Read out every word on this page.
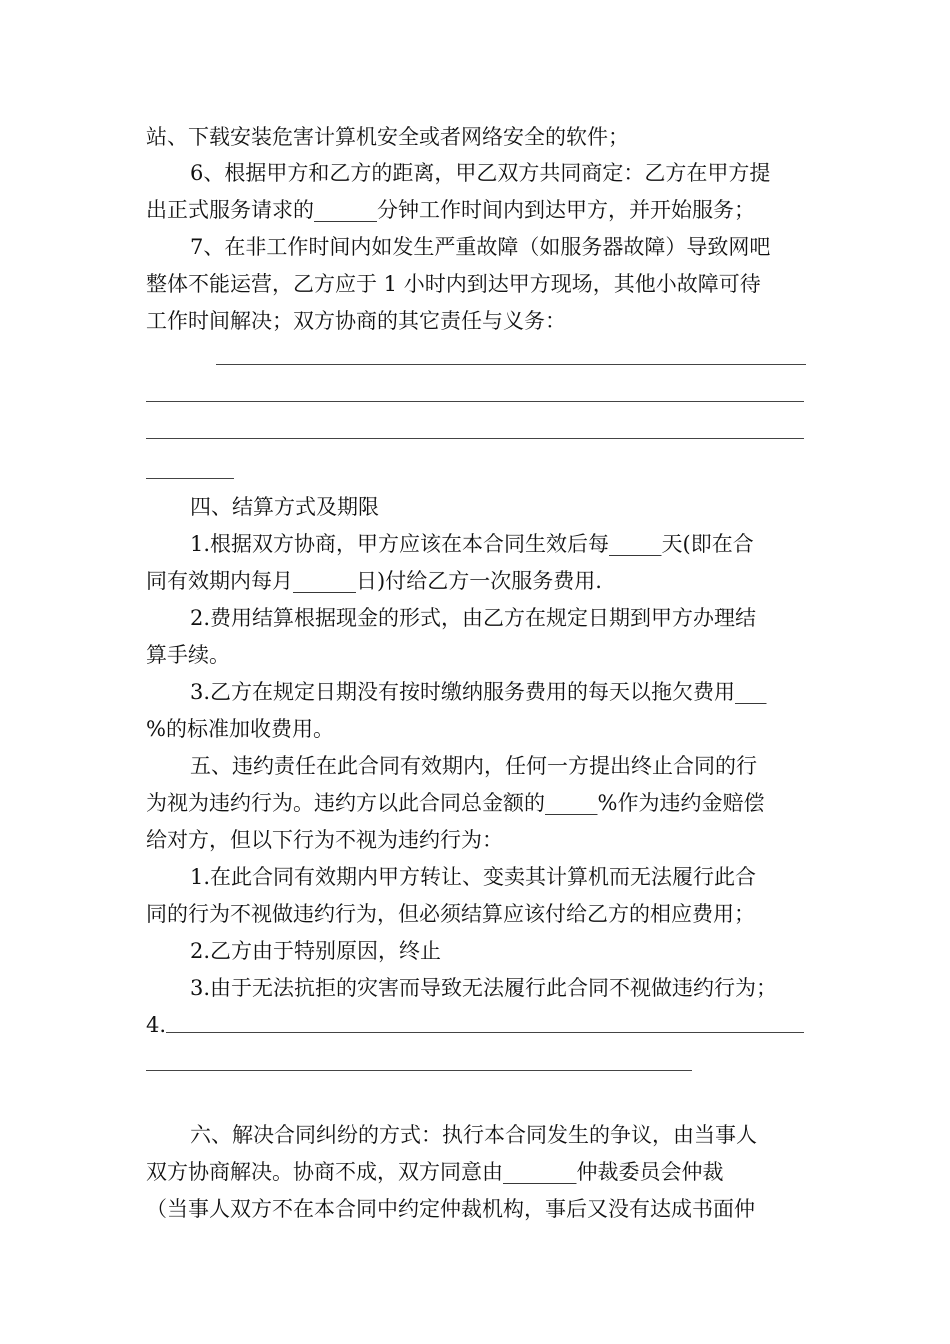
站、下载安装危害计算机安全或者网络安全的软件；
6、根据甲方和乙方的距离，甲乙双方共同商定：乙方在甲方提
出正式服务请求的______分钟工作时间内到达甲方，并开始服务；
7、在非工作时间内如发生严重故障（如服务器故障）导致网吧
整体不能运营，乙方应于 1 小时内到达甲方现场，其他小故障可待
工作时间解决；双方协商的其它责任与义务：
四、结算方式及期限
1.根据双方协商，甲方应该在本合同生效后每_____天(即在合
同有效期内每月______日)付给乙方一次服务费用.
2.费用结算根据现金的形式，由乙方在规定日期到甲方办理结
算手续。
3.乙方在规定日期没有按时缴纳服务费用的每天以拖欠费用___
%的标准加收费用。
五、违约责任在此合同有效期内，任何一方提出终止合同的行
为视为违约行为。违约方以此合同总金额的_____%作为违约金赔偿
给对方，但以下行为不视为违约行为：
1.在此合同有效期内甲方转让、变卖其计算机而无法履行此合
同的行为不视做违约行为，但必须结算应该付给乙方的相应费用；
2.乙方由于特别原因，终止
3.由于无法抗拒的灾害而导致无法履行此合同不视做违约行为；
4.
六、解决合同纠纷的方式：执行本合同发生的争议，由当事人
双方协商解决。协商不成，双方同意由_______仲裁委员会仲裁
（当事人双方不在本合同中约定仲裁机构，事后又没有达成书面仲
